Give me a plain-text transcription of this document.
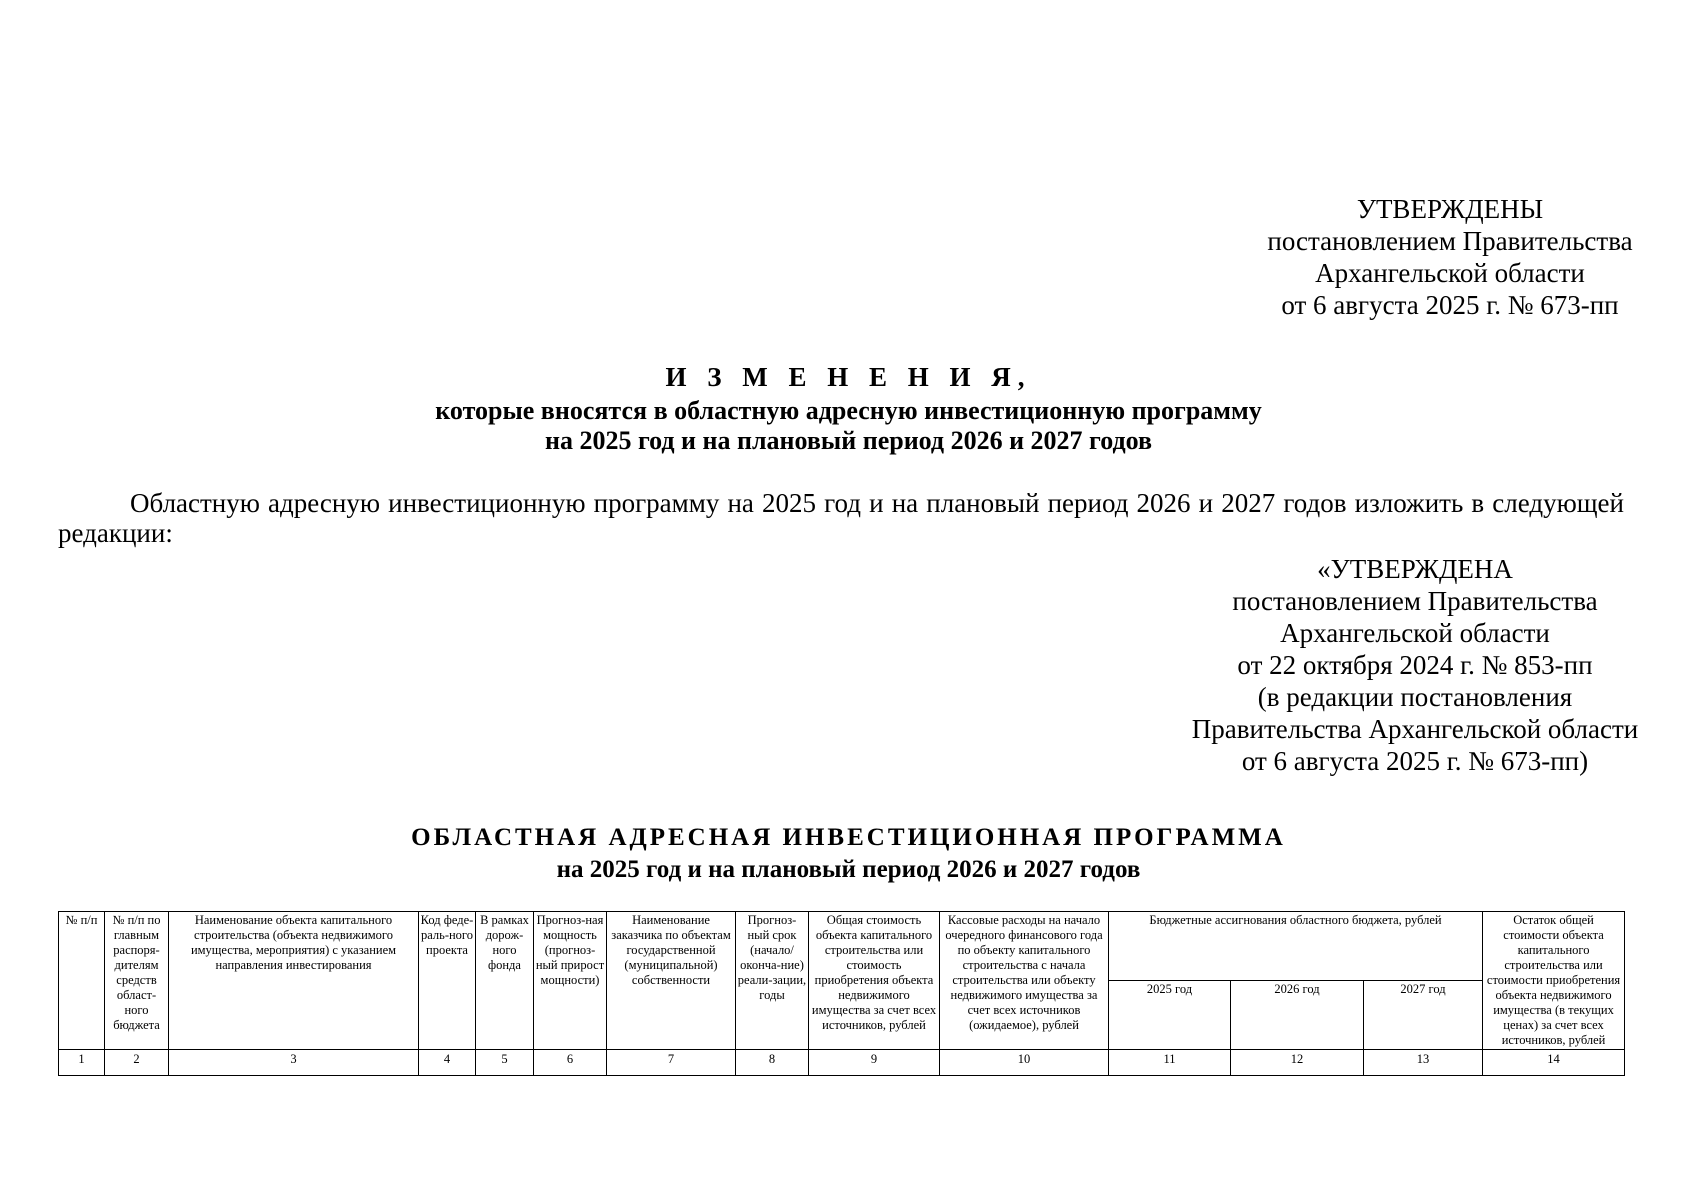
УТВЕРЖДЕНЫ
постановлением Правительства
Архангельской области
от 6 августа 2025 г. № 673-пп
И З М Е Н Е Н И Я,
которые вносятся в областную адресную инвестиционную программу
на 2025 год и на плановый период 2026 и 2027 годов

Областную адресную инвестиционную программу на 2025 год и на плановый период 2026 и 2027 годов изложить в следующей редакции:

«УТВЕРЖДЕНА
постановлением Правительства
Архангельской области
от 22 октября 2024 г. № 853-пп
(в редакции постановления
Правительства Архангельской области
от 6 августа 2025 г. № 673-пп)
ОБЛАСТНАЯ АДРЕСНАЯ ИНВЕСТИЦИОННАЯ ПРОГРАММА
на 2025 год и на плановый период 2026 и 2027 годов
№ п/п	№ п/п по главным распоря-дителям средств област-ного бюджета	Наименование объекта капитального строительства (объекта недвижимого имущества, мероприятия) с указанием направления инвестирования	Код феде-раль-ного проекта	В рамках дорож-ного фонда	Прогноз-ная мощность (прогноз-ный прирост мощности)	Наименование заказчика по объектам государственной (муниципальной) собственности	Прогноз-ный срок (начало/ оконча-ние) реали-зации, годы	Общая стоимость объекта капитального строительства или стоимость приобретения объекта недвижимого имущества за счет всех источников, рублей	Кассовые расходы на начало очередного финансового года по объекту капитального строительства с начала строительства или объекту недвижимого имущества за счет всех источников (ожидаемое), рублей	Бюджетные ассигнования областного бюджета, рублей			Остаток общей стоимости объекта капитального строительства или стоимости приобретения объекта недвижимого имущества (в текущих ценах) за счет всех источников, рублей
										2025 год	2026 год	2027 год	
1	2	3	4	5	6	7	8	9	10	11	12	13	14
